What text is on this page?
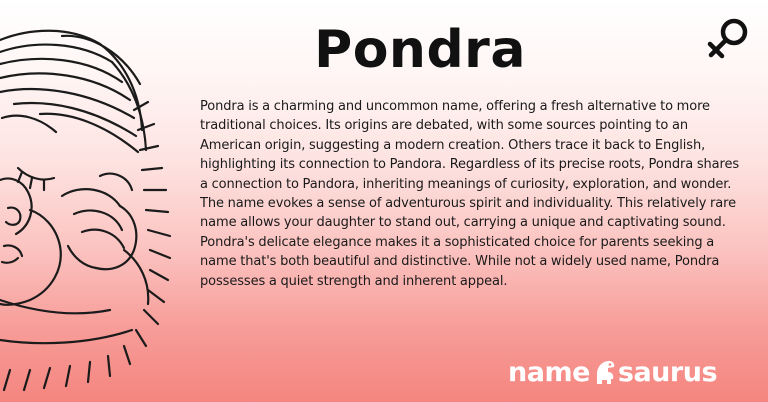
Pondra
Pondra is a charming and uncommon name, offering a fresh alternative to more traditional choices. Its origins are debated, with some sources pointing to an American origin, suggesting a modern creation. Others trace it back to English, highlighting its connection to Pandora. Regardless of its precise roots, Pondra shares a connection to Pandora, inheriting meanings of curiosity, exploration, and wonder. The name evokes a sense of adventurous spirit and individuality. This relatively rare name allows your daughter to stand out, carrying a unique and captivating sound. Pondra's delicate elegance makes it a sophisticated choice for parents seeking a name that's both beautiful and distinctive. While not a widely used name, Pondra possesses a quiet strength and inherent appeal.
name saurus
